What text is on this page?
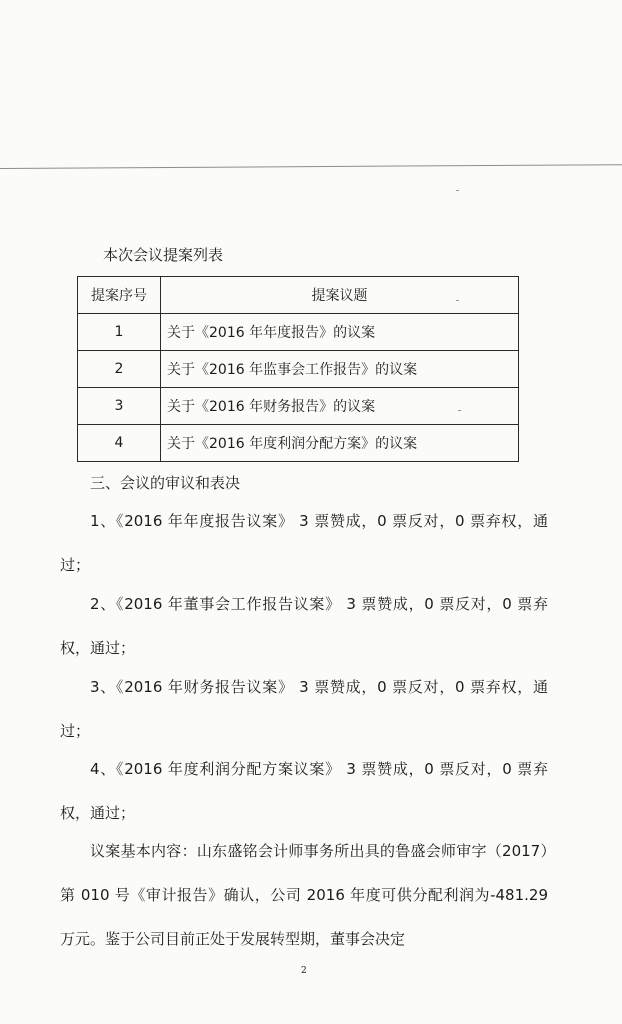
本次会议提案列表
提案序号	提案议题
1	关于《2016 年年度报告》的议案
2	关于《2016 年监事会工作报告》的议案
3	关于《2016 年财务报告》的议案
4	关于《2016 年度利润分配方案》的议案
三、会议的审议和表决

1、《2016 年年度报告议案》 3 票赞成，0 票反对，0 票弃权，通过；

2、《2016 年董事会工作报告议案》 3 票赞成，0 票反对，0 票弃权，通过；

3、《2016 年财务报告议案》 3 票赞成，0 票反对，0 票弃权，通过；

4、《2016 年度利润分配方案议案》 3 票赞成，0 票反对，0 票弃权，通过；

议案基本内容：山东盛铭会计师事务所出具的鲁盛会师审字（2017）第 010 号《审计报告》确认，公司 2016 年度可供分配利润为-481.29 万元。鉴于公司目前正处于发展转型期，董事会决定

2
